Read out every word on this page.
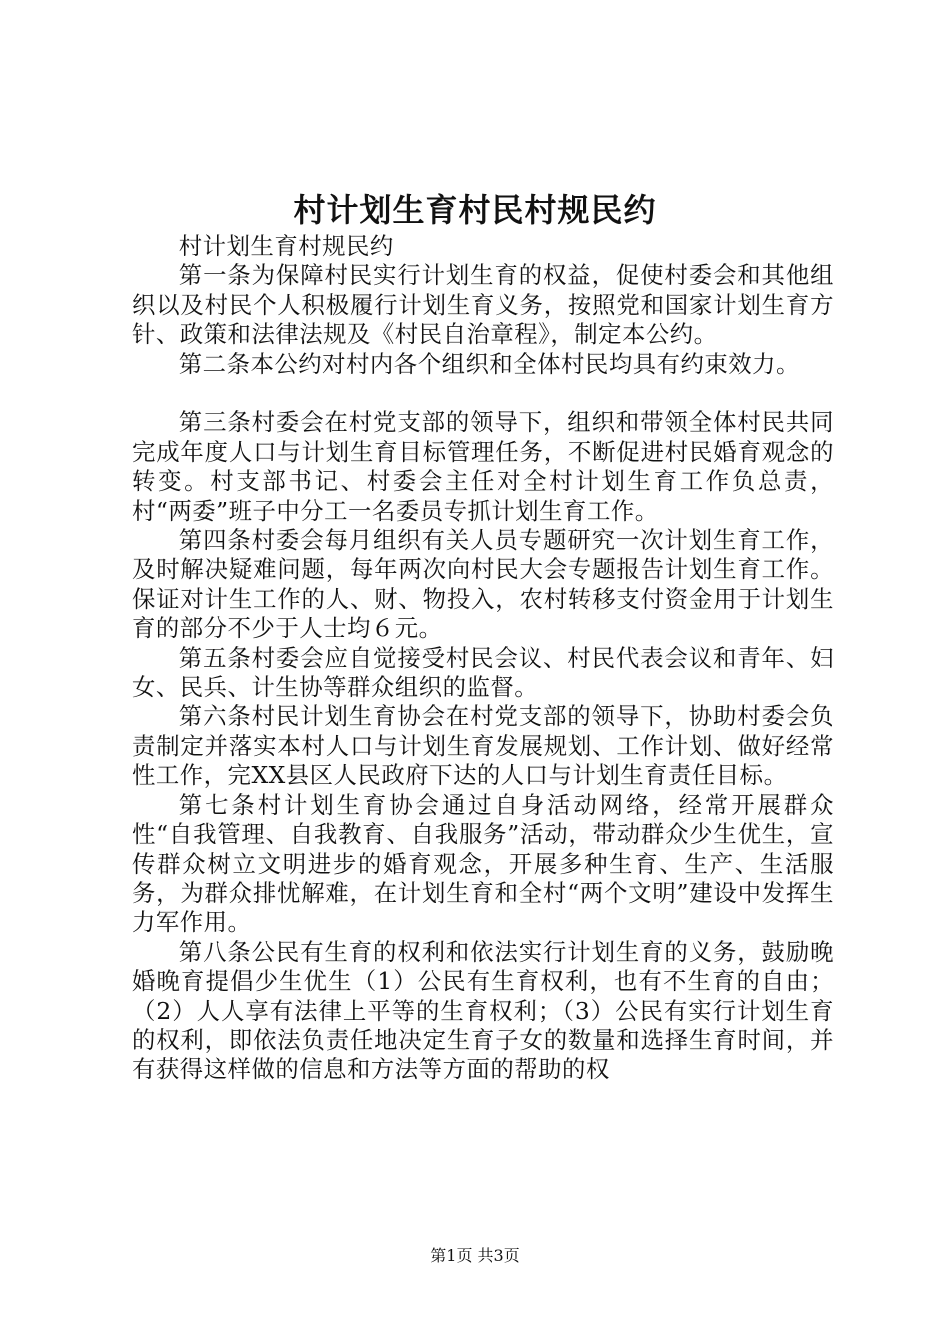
村计划生育村民村规民约

村计划生育村规民约

第一条为保障村民实行计划生育的权益，促使村委会和其他组织以及村民个人积极履行计划生育义务，按照党和国家计划生育方针、政策和法律法规及《村民自治章程》，制定本公约。

第二条本公约对村内各个组织和全体村民均具有约束效力。

第三条村委会在村党支部的领导下，组织和带领全体村民共同完成年度人口与计划生育目标管理任务，不断促进村民婚育观念的转变。村支部书记、村委会主任对全村计划生育工作负总责，村“两委”班子中分工一名委员专抓计划生育工作。

第四条村委会每月组织有关人员专题研究一次计划生育工作，及时解决疑难问题，每年两次向村民大会专题报告计划生育工作。保证对计生工作的人、财、物投入，农村转移支付资金用于计划生育的部分不少于人士均６元。

第五条村委会应自觉接受村民会议、村民代表会议和青年、妇女、民兵、计生协等群众组织的监督。

第六条村民计划生育协会在村党支部的领导下，协助村委会负责制定并落实本村人口与计划生育发展规划、工作计划、做好经常性工作，完XX县区人民政府下达的人口与计划生育责任目标。

第七条村计划生育协会通过自身活动网络，经常开展群众性“自我管理、自我教育、自我服务”活动，带动群众少生优生，宣传群众树立文明进步的婚育观念，开展多种生育、生产、生活服务，为群众排忧解难，在计划生育和全村“两个文明”建设中发挥生力军作用。

第八条公民有生育的权利和依法实行计划生育的义务，鼓励晚婚晚育提倡少生优生（1）公民有生育权利，也有不生育的自由；（2）人人享有法律上平等的生育权利；（3）公民有实行计划生育的权利，即依法负责任地决定生育子女的数量和选择生育时间，并有获得这样做的信息和方法等方面的帮助的权

第1页 共3页
